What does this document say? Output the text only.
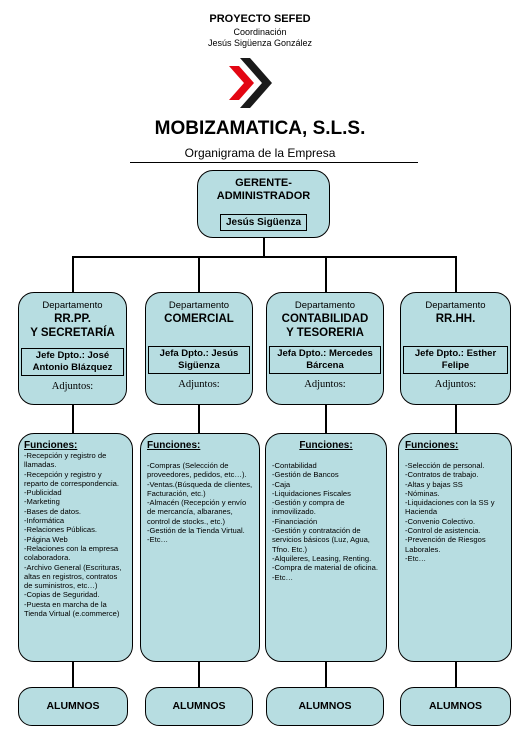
PROYECTO SEFED
Coordinación
Jesús Sigüenza González
MOBIZAMATICA, S.L.S.
Organigrama de la Empresa
GERENTE-
ADMINISTRADOR
Jesús Sigüenza
Departamento
RR.PP.
Y SECRETARÍA
Jefe Dpto.: José
Antonio Blázquez
Adjuntos:
Departamento
COMERCIAL
Jefa Dpto.: Jesús
Sigüenza
Adjuntos:
Departamento
CONTABILIDAD
Y TESORERIA
Jefa Dpto.: Mercedes
Bárcena
Adjuntos:
Departamento
RR.HH.
Jefe Dpto.: Esther
Felipe
Adjuntos:
Funciones:
-Recepción y registro de llamadas.
-Recepción y registro y reparto de correspondencia.
-Publicidad
-Marketing
-Bases de datos.
-Informática
-Relaciones Públicas.
-Página Web
-Relaciones con la empresa colaboradora.
-Archivo General (Escrituras, altas en registros, contratos de suministros, etc…)
-Copias de Seguridad.
-Puesta en marcha de la Tienda Virtual (e.commerce)
Funciones:
-Compras (Selección de proveedores, pedidos, etc…).
-Ventas.(Búsqueda de clientes, Facturación, etc.)
-Almacén (Recepción y envío de mercancía, albaranes, control de stocks., etc.)
-Gestión de la Tienda Virtual.
-Etc…
Funciones:
-Contabilidad
-Gestión de Bancos
-Caja
-Liquidaciones Fiscales
-Gestión y compra de inmovilizado.
-Financiación
-Gestión y contratación de servicios básicos (Luz, Agua, Tfno. Etc.)
-Alquileres, Leasing, Renting.
-Compra de material de oficina.
-Etc…
Funciones:
-Selección de personal.
-Contratos de trabajo.
-Altas y bajas SS
-Nóminas.
-Liquidaciones con la SS y Hacienda
-Convenio Colectivo.
-Control de asistencia.
-Prevención de Riesgos Laborales.
-Etc…
ALUMNOS	ALUMNOS	ALUMNOS	ALUMNOS
